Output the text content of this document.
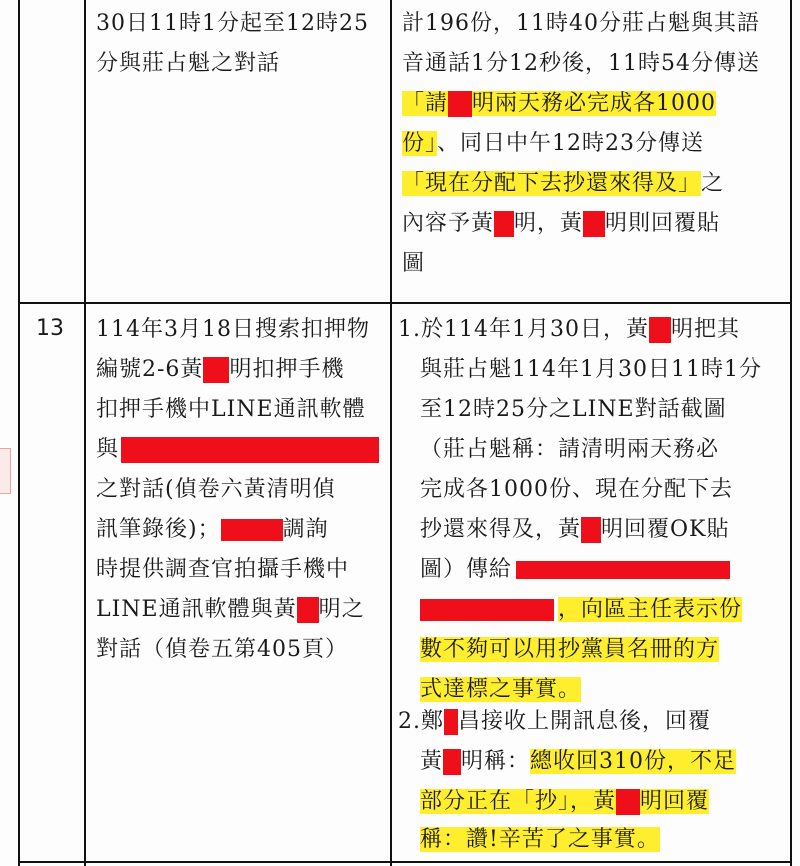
30日11時1分起至12時25
分與莊占魁之對話
計196份，11時40分莊占魁與其語
音通話1分12秒後，11時54分傳送
「請 明兩天務必完成各1000
份」、同日中午12時23分傳送
「現在分配下去抄還來得及」之
內容予黃 明，黃 明則回覆貼
圖
13 114年3月18日搜索扣押物
編號2-6黃 明扣押手機
扣押手機中LINE通訊軟體
與
之對話(偵卷六黃清明偵
訊筆錄後)；	調詢
時提供調查官拍攝手機中
LINE通訊軟體與黃 明之
對話（偵卷五第405頁）
1.於114年1月30日，黃 明把其
與莊占魁114年1月30日11時1分
至12時25分之LINE對話截圖
（莊占魁稱：請清明兩天務必
完成各1000份、現在分配下去
抄還來得及，黃 明回覆OK貼
圖）傳給
，向區主任表示份
數不夠可以用抄黨員名冊的方
式達標之事實。
2.鄭 昌接收上開訊息後，回覆
黃 明稱：總收回310份，不足
部分正在「抄」，黃 明回覆
稱：讚!辛苦了之事實。
